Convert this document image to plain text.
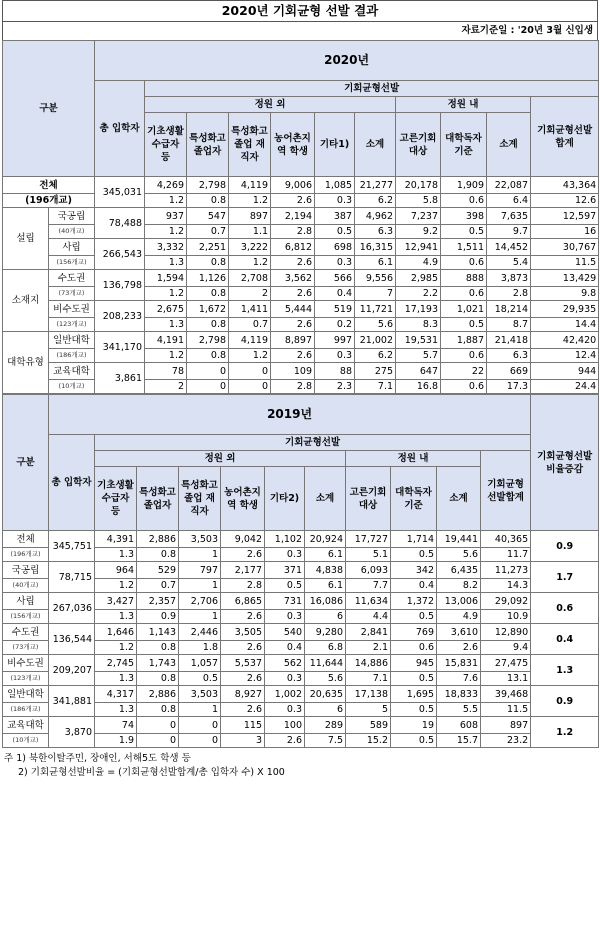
2020년 기회균형 선발 결과
자료기준일 : '20년 3월 신입생
구분		2020년										
		총 입학자	기회균형선발									
			정원 외						정원 내			기회균형선발합계
			기초생활수급자 등	특성화고 졸업자	특성화고 졸업 재직자	농어촌지역 학생	기타1)	소계	고른기회대상	대학독자기준	소계	
전체		345,031	4,269	2,798	4,119	9,006	1,085	21,277	20,178	1,909	22,087	43,364
(196개교)			1.2	0.8	1.2	2.6	0.3	6.2	5.8	0.6	6.4	12.6
설립	국공립	78,488	937	547	897	2,194	387	4,962	7,237	398	7,635	12,597
	(40개교)		1.2	0.7	1.1	2.8	0.5	6.3	9.2	0.5	9.7	16
	사립	266,543	3,332	2,251	3,222	6,812	698	16,315	12,941	1,511	14,452	30,767
	(156개교)		1.3	0.8	1.2	2.6	0.3	6.1	4.9	0.6	5.4	11.5
소재지	수도권	136,798	1,594	1,126	2,708	3,562	566	9,556	2,985	888	3,873	13,429
	(73개교)		1.2	0.8	2	2.6	0.4	7	2.2	0.6	2.8	9.8
	비수도권	208,233	2,675	1,672	1,411	5,444	519	11,721	17,193	1,021	18,214	29,935
	(123개교)		1.3	0.8	0.7	2.6	0.2	5.6	8.3	0.5	8.7	14.4
대학유형	일반대학	341,170	4,191	2,798	4,119	8,897	997	21,002	19,531	1,887	21,418	42,420
	(186개교)		1.2	0.8	1.2	2.6	0.3	6.2	5.7	0.6	6.3	12.4
	교육대학	3,861	78	0	0	109	88	275	647	22	669	944
	(10개교)		2	0	0	2.8	2.3	7.1	16.8	0.6	17.3	24.4
구분	2019년											기회균형선발비율증감
	총 입학자	기회균형선발										
		정원 외						정원 내			기회균형선발합계	
		기초생활수급자 등	특성화고 졸업자	특성화고 졸업 재직자	농어촌지역 학생	기타2)	소계	고른기회대상	대학독자기준	소계		
전체	345,751	4,391	2,886	3,503	9,042	1,102	20,924	17,727	1,714	19,441	40,365	0.9
(196개교)		1.3	0.8	1	2.6	0.3	6.1	5.1	0.5	5.6	11.7	
국공립	78,715	964	529	797	2,177	371	4,838	6,093	342	6,435	11,273	1.7
(40개교)		1.2	0.7	1	2.8	0.5	6.1	7.7	0.4	8.2	14.3	
사립	267,036	3,427	2,357	2,706	6,865	731	16,086	11,634	1,372	13,006	29,092	0.6
(156개교)		1.3	0.9	1	2.6	0.3	6	4.4	0.5	4.9	10.9	
수도권	136,544	1,646	1,143	2,446	3,505	540	9,280	2,841	769	3,610	12,890	0.4
(73개교)		1.2	0.8	1.8	2.6	0.4	6.8	2.1	0.6	2.6	9.4	
비수도권	209,207	2,745	1,743	1,057	5,537	562	11,644	14,886	945	15,831	27,475	1.3
(123개교)		1.3	0.8	0.5	2.6	0.3	5.6	7.1	0.5	7.6	13.1	
일반대학	341,881	4,317	2,886	3,503	8,927	1,002	20,635	17,138	1,695	18,833	39,468	0.9
(186개교)		1.3	0.8	1	2.6	0.3	6	5	0.5	5.5	11.5	
교육대학	3,870	74	0	0	115	100	289	589	19	608	897	1.2
(10개교)		1.9	0	0	3	2.6	7.5	15.2	0.5	15.7	23.2	
주 1) 북한이탈주민, 장애인, 서해5도 학생 등
2) 기회균형선발비율 = (기회균형선발합계/총 입학자 수) X 100
